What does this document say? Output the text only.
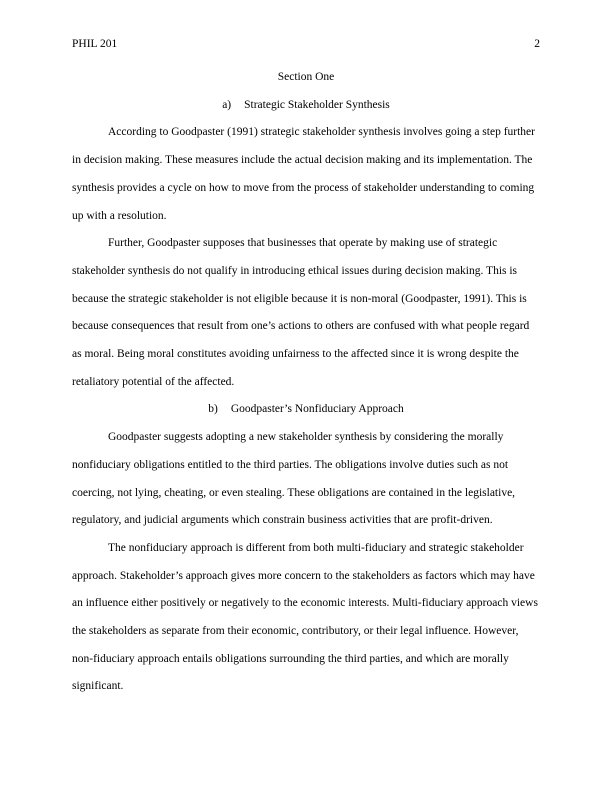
PHIL 201	2

Section One

a) Strategic Stakeholder Synthesis

According to Goodpaster (1991) strategic stakeholder synthesis involves going a step further in decision making. These measures include the actual decision making and its implementation. The synthesis provides a cycle on how to move from the process of stakeholder understanding to coming up with a resolution.

Further, Goodpaster supposes that businesses that operate by making use of strategic stakeholder synthesis do not qualify in introducing ethical issues during decision making. This is because the strategic stakeholder is not eligible because it is non-moral (Goodpaster, 1991). This is because consequences that result from one’s actions to others are confused with what people regard as moral. Being moral constitutes avoiding unfairness to the affected since it is wrong despite the retaliatory potential of the affected.

b) Goodpaster’s Nonfiduciary Approach

Goodpaster suggests adopting a new stakeholder synthesis by considering the morally nonfiduciary obligations entitled to the third parties. The obligations involve duties such as not coercing, not lying, cheating, or even stealing. These obligations are contained in the legislative, regulatory, and judicial arguments which constrain business activities that are profit-driven.

The nonfiduciary approach is different from both multi-fiduciary and strategic stakeholder approach. Stakeholder’s approach gives more concern to the stakeholders as factors which may have an influence either positively or negatively to the economic interests. Multi-fiduciary approach views the stakeholders as separate from their economic, contributory, or their legal influence. However, non-fiduciary approach entails obligations surrounding the third parties, and which are morally significant.
